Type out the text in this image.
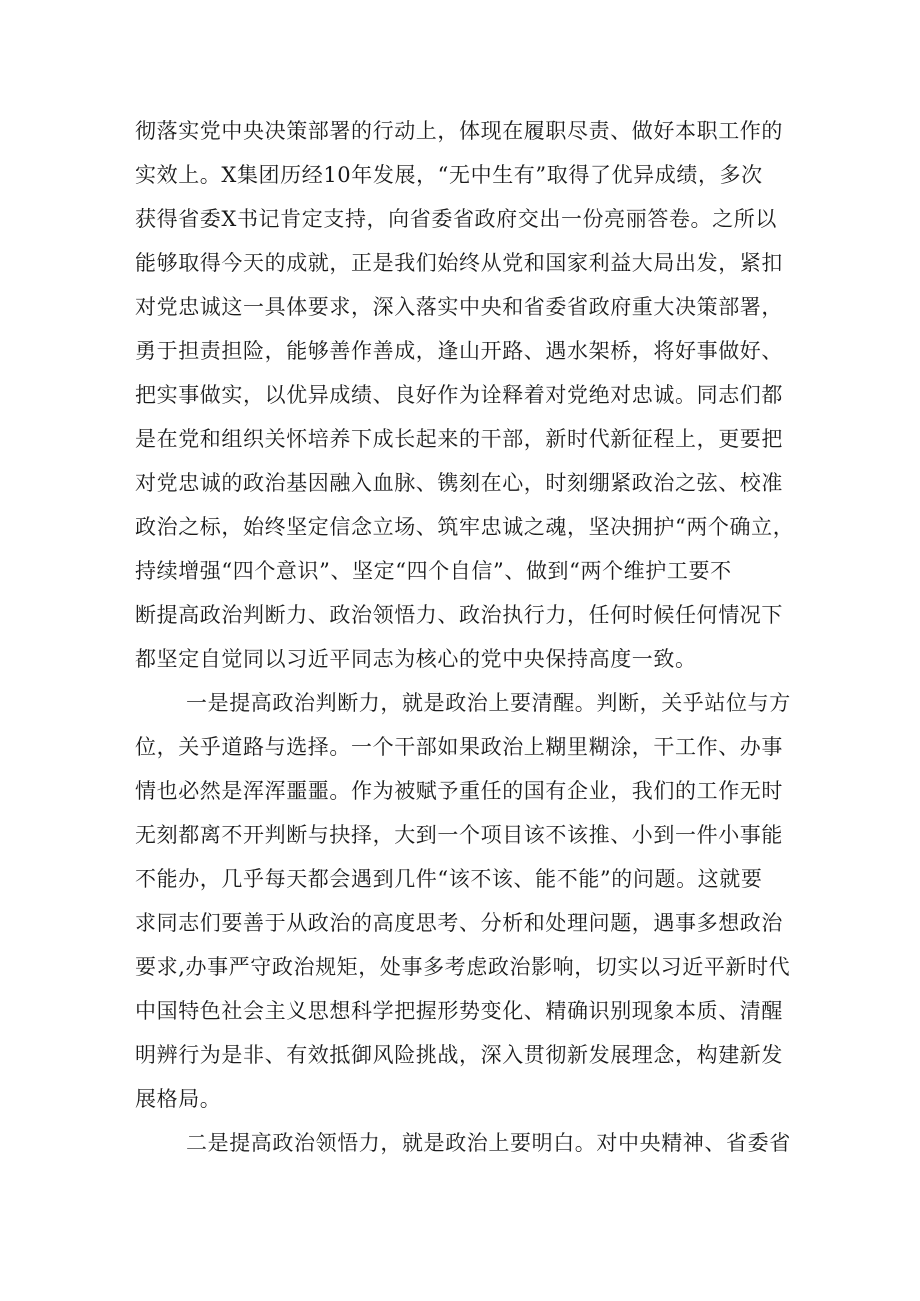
彻落实党中央决策部署的行动上，体现在履职尽责、做好本职工作的
实效上。X集团历经10年发展，“无中生有”取得了优异成绩，多次
获得省委X书记肯定支持，向省委省政府交出一份亮丽答卷。之所以
能够取得今天的成就，正是我们始终从党和国家利益大局出发，紧扣
对党忠诚这一具体要求，深入落实中央和省委省政府重大决策部署，
勇于担责担险，能够善作善成，逢山开路、遇水架桥，将好事做好、
把实事做实，以优异成绩、良好作为诠释着对党绝对忠诚。同志们都
是在党和组织关怀培养下成长起来的干部，新时代新征程上，更要把
对党忠诚的政治基因融入血脉、镌刻在心，时刻绷紧政治之弦、校准
政治之标，始终坚定信念立场、筑牢忠诚之魂，坚决拥护“两个确立，
持续增强“四个意识”、坚定“四个自信”、做到“两个维护工要不
断提高政治判断力、政治领悟力、政治执行力，任何时候任何情况下
都坚定自觉同以习近平同志为核心的党中央保持高度一致。
一是提高政治判断力，就是政治上要清醒。判断，关乎站位与方
位，关乎道路与选择。一个干部如果政治上糊里糊涂，干工作、办事
情也必然是浑浑噩噩。作为被赋予重任的国有企业，我们的工作无时
无刻都离不开判断与抉择，大到一个项目该不该推、小到一件小事能
不能办，几乎每天都会遇到几件“该不该、能不能”的问题。这就要
求同志们要善于从政治的高度思考、分析和处理问题，遇事多想政治
要求,办事严守政治规矩，处事多考虑政治影响，切实以习近平新时代
中国特色社会主义思想科学把握形势变化、精确识别现象本质、清醒
明辨行为是非、有效抵御风险挑战，深入贯彻新发展理念，构建新发
展格局。
二是提高政治领悟力，就是政治上要明白。对中央精神、省委省
